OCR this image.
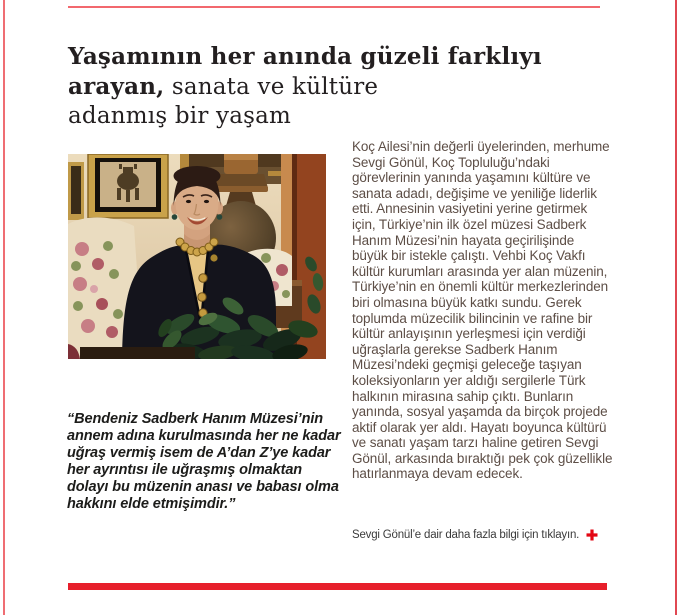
Yaşamının her anında güzeli farklıyı
arayan, sanata ve kültüre
adanmış bir yaşam
“Bendeniz Sadberk Hanım Müzesi’nin annem adına kurulmasında her ne kadar uğraş vermiş isem de A’dan Z’ye kadar her ayrıntısı ile uğraşmış olmaktan dolayı bu müzenin anası ve babası olma hakkını elde etmişimdir.”
Koç Ailesi’nin değerli üyelerinden, merhume Sevgi Gönül, Koç Topluluğu’ndaki görevlerinin yanında yaşamını kültüre ve sanata adadı, değişime ve yeniliğe liderlik etti. Annesinin vasiyetini yerine getirmek için, Türkiye’nin ilk özel müzesi Sadberk Hanım Müzesi’nin hayata geçirilişinde büyük bir istekle çalıştı. Vehbi Koç Vakfı kültür kurumları arasında yer alan müzenin, Türkiye’nin en önemli kültür merkezlerinden biri olmasına büyük katkı sundu. Gerek toplumda müzecilik bilincinin ve rafine bir kültür anlayışının yerleşmesi için verdiği uğraşlarla gerekse Sadberk Hanım Müzesi’ndeki geçmişi geleceğe taşıyan koleksiyonların yer aldığı sergilerle Türk halkının mirasına sahip çıktı. Bunların yanında, sosyal yaşamda da birçok projede aktif olarak yer aldı. Hayatı boyunca kültürü ve sanatı yaşam tarzı haline getiren Sevgi Gönül, arkasında bıraktığı pek çok güzellikle hatırlanmaya devam edecek.
Sevgi Gönül’e dair daha fazla bilgi için tıklayın.
